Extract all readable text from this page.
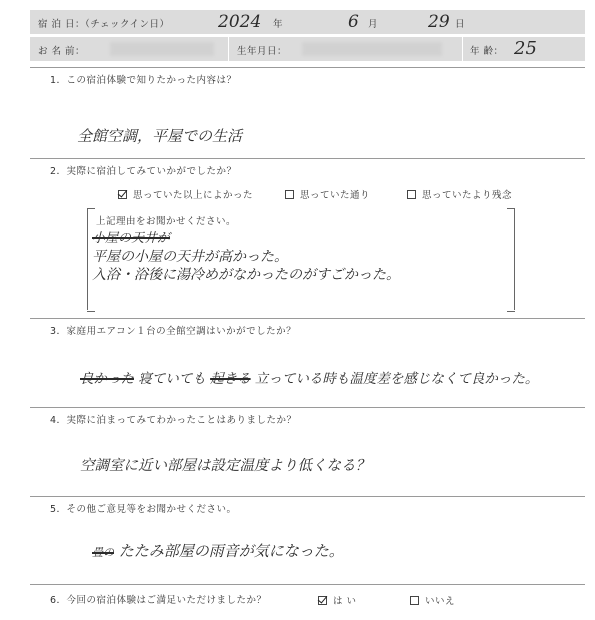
宿 泊 日：（チェックイン日）	2024 年	6 月	29 日
お 名 前：	生年月日：	年 齢： 25
1．この宿泊体験で知りたかった内容は？
全館空調，平屋での生活
2．実際に宿泊してみていかがでしたか？
思っていた以上によかった	思っていた通り	思っていたより残念
上記理由をお聞かせください。
小屋の天井が
平屋の小屋の天井が高かった。
入浴・浴後に湯冷めがなかったのがすごかった。
3．家庭用エアコン１台の全館空調はいかがでしたか？
良かった 寝ていても 起きる 立っている時も温度差を感じなくて良かった。
4．実際に泊まってみてわかったことはありましたか？
空調室に近い部屋は設定温度より低くなる？
5．その他ご意見等をお聞かせください。
畳の たたみ部屋の雨音が気になった。
6．今回の宿泊体験はご満足いただけましたか？	は い	いいえ
